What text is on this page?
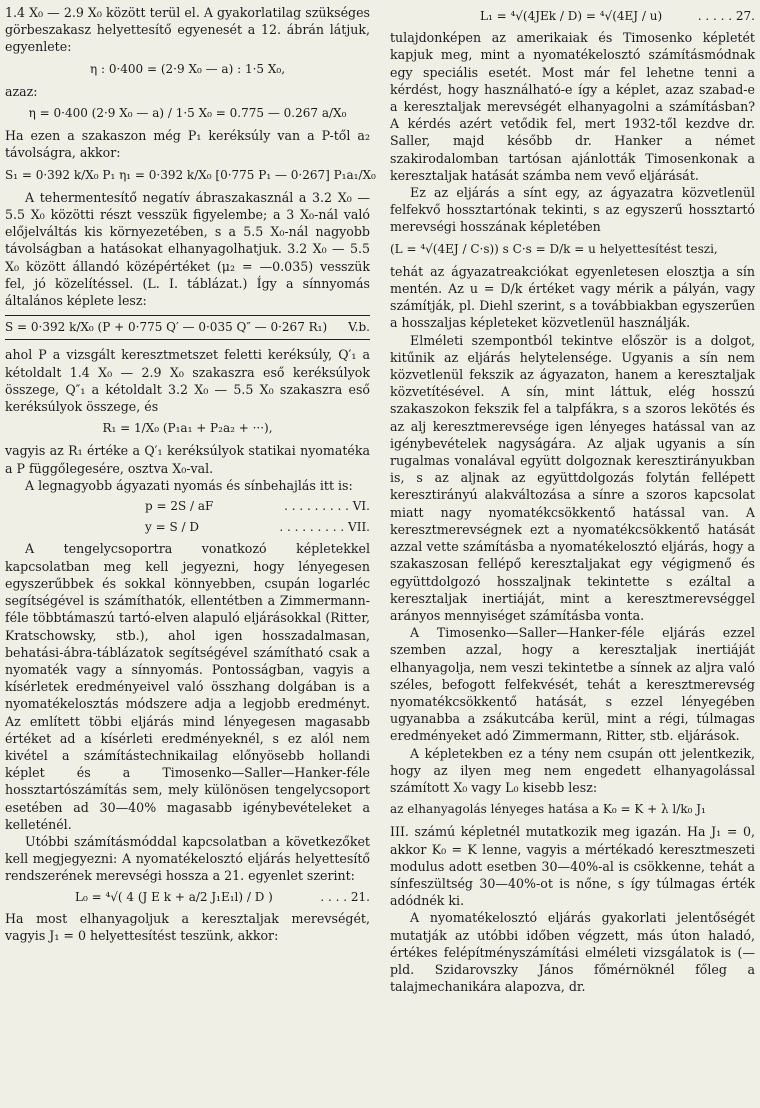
1.4 X₀ — 2.9 X₀ között terül el. A gyakorlatilag szükséges görbeszakasz helyettesítő egyenesét a 12. ábrán látjuk, egyenlete:

η : 0·400 = (2·9 X₀ — a) : 1·5 X₀,

azaz:

η = 0·400 (2·9 X₀ — a) / 1·5 X₀ = 0.775 — 0.267 a/X₀

Ha ezen a szakaszon még P₁ keréksúly van a P-től a₂ távolságra, akkor:

S₁ = 0·392 k/X₀ P₁ η₁ = 0·392 k/X₀ [0·775 P₁ — 0·267] P₁a₁/X₀

A tehermentesítő negatív ábraszakasznál a 3.2 X₀ — 5.5 X₀ közötti részt vesszük figyelembe; a 3 X₀-nál való előjelváltás kis környezetében, s a 5.5 X₀-nál nagyobb távolságban a hatásokat elhanyagolhatjuk. 3.2 X₀ — 5.5 X₀ között állandó középértéket (μ₂ = —0.035) vesszük fel, jó közelítéssel. (L. I. táblázat.) Így a sínnyomás általános képlete lesz:

S = 0·392 k/X₀ (P + 0·775 Q′ — 0·035 Q″ — 0·267 R₁) V.b.

ahol P a vizsgált keresztmetszet feletti keréksúly, Q′₁ a kétoldalt 1.4 X₀ — 2.9 X₀ szakaszra eső keréksúlyok összege, Q″₁ a kétoldalt 3.2 X₀ — 5.5 X₀ szakaszra eső keréksúlyok összege, és

R₁ = 1/X₀ (P₁a₁ + P₂a₂ + ···),

vagyis az R₁ értéke a Q′₁ keréksúlyok statikai nyomatéka a P függőlegesére, osztva X₀-val.

A legnagyobb ágyazati nyomás és sínbehajlás itt is:

p = 2S / aF	. . . . . . . . . VI.
y = S / D	. . . . . . . . . VII.

A tengelycsoportra vonatkozó képletekkel kapcsolatban meg kell jegyezni, hogy lényegesen egyszerűbbek és sokkal könnyebben, csupán logarléc segítségével is számíthatók, ellentétben a Zimmermann-féle többtámaszú tartó-elven alapuló eljárásokkal (Ritter, Kratschowsky, stb.), ahol igen hosszadalmasan, behatási-ábra-táblázatok segítségével számítható csak a nyomaték vagy a sínnyomás. Pontosságban, vagyis a kísérletek eredményeivel való összhang dolgában is a nyomatékelosztás módszere adja a legjobb eredményt. Az említett többi eljárás mind lényegesen magasabb értéket ad a kísérleti eredményeknél, s ez alól nem kivétel a számítástechnikailag előnyösebb hollandi képlet és a Timosenko—Saller—Hanker-féle hossztartószámítás sem, mely különösen tengelycsoport esetében ad 30—40% magasabb igénybevételeket a kelleténél.

Utóbbi számításmóddal kapcsolatban a következőket kell megjegyezni: A nyomatékelosztó eljárás helyettesítő rendszerének merevségi hossza a 21. egyenlet szerint:

L₀ = ⁴√( 4 (J E k + a/2 J₁E₁l) / D )	. . . . 21.

Ha most elhanyagoljuk a keresztaljak merevségét, vagyis J₁ = 0 helyettesítést teszünk, akkor:

L₁ = ⁴√(4JEk / D) = ⁴√(4EJ / u)	. . . . . 27.

tulajdonképen az amerikaiak és Timosenko képletét kapjuk meg, mint a nyomatékelosztó számításmódnak egy speciális esetét. Most már fel lehetne tenni a kérdést, hogy használható-e így a képlet, azaz szabad-e a keresztaljak merevségét elhanyagolni a számításban? A kérdés azért vetődik fel, mert 1932-től kezdve dr. Saller, majd később dr. Hanker a német szakirodalomban tartósan ajánlották Timosenkonak a keresztaljak hatását számba nem vevő eljárását.

Ez az eljárás a sínt egy, az ágyazatra közvetlenül felfekvő hossztartónak tekinti, s az egyszerű hossztartó merevségi hosszának képletében

(L = ⁴√(4EJ / C·s)) s C·s = D/k = u helyettesítést teszi,

tehát az ágyazatreakciókat egyenletesen elosztja a sín mentén. Az u = D/k értéket vagy mérik a pályán, vagy számítják, pl. Diehl szerint, s a továbbiakban egyszerűen a hosszaljas képleteket közvetlenül használják.

Elméleti szempontból tekintve először is a dolgot, kitűnik az eljárás helytelensége. Ugyanis a sín nem közvetlenül fekszik az ágyazaton, hanem a keresztaljak közvetítésével. A sín, mint láttuk, elég hosszú szakaszokon fekszik fel a talpfákra, s a szoros lekötés és az alj keresztmerevsége igen lényeges hatással van az igénybevételek nagyságára. Az aljak ugyanis a sín rugalmas vonalával együtt dolgoznak keresztirányukban is, s az aljnak az együttdolgozás folytán fellépett keresztirányú alakváltozása a sínre a szoros kapcsolat miatt nagy nyomatékcsökkentő hatással van. A keresztmerevségnek ezt a nyomatékcsökkentő hatását azzal vette számításba a nyomatékelosztó eljárás, hogy a szakaszosan fellépő keresztaljakat egy végigmenő és együttdolgozó hosszaljnak tekintette s ezáltal a keresztaljak inertiáját, mint a keresztmerevséggel arányos mennyiséget számításba vonta.

A Timosenko—Saller—Hanker-féle eljárás ezzel szemben azzal, hogy a keresztaljak inertiáját elhanyagolja, nem veszi tekintetbe a sínnek az aljra való széles, befogott felfekvését, tehát a keresztmerevség nyomatékcsökkentő hatását, s ezzel lényegében ugyanabba a zsákutcába kerül, mint a régi, túlmagas eredményeket adó Zimmermann, Ritter, stb. eljárások.

A képletekben ez a tény nem csupán ott jelentkezik, hogy az ilyen meg nem engedett elhanyagolással számított X₀ vagy L₀ kisebb lesz:

az elhanyagolás lényeges hatása a K₀ = K + λ l/k₀ J₁

III. számú képletnél mutatkozik meg igazán. Ha J₁ = 0, akkor K₀ = K lenne, vagyis a mértékadó keresztmeszeti modulus adott esetben 30—40%-al is csökkenne, tehát a sínfeszültség 30—40%-ot is nőne, s így túlmagas érték adódnék ki.

A nyomatékelosztó eljárás gyakorlati jelentőségét mutatják az utóbbi időben végzett, más úton haladó, értékes felépítményszámítási elméleti vizsgálatok is (— pld. Szidarovszky János főmérnöknél főleg a talajmechanikára alapozva, dr.
